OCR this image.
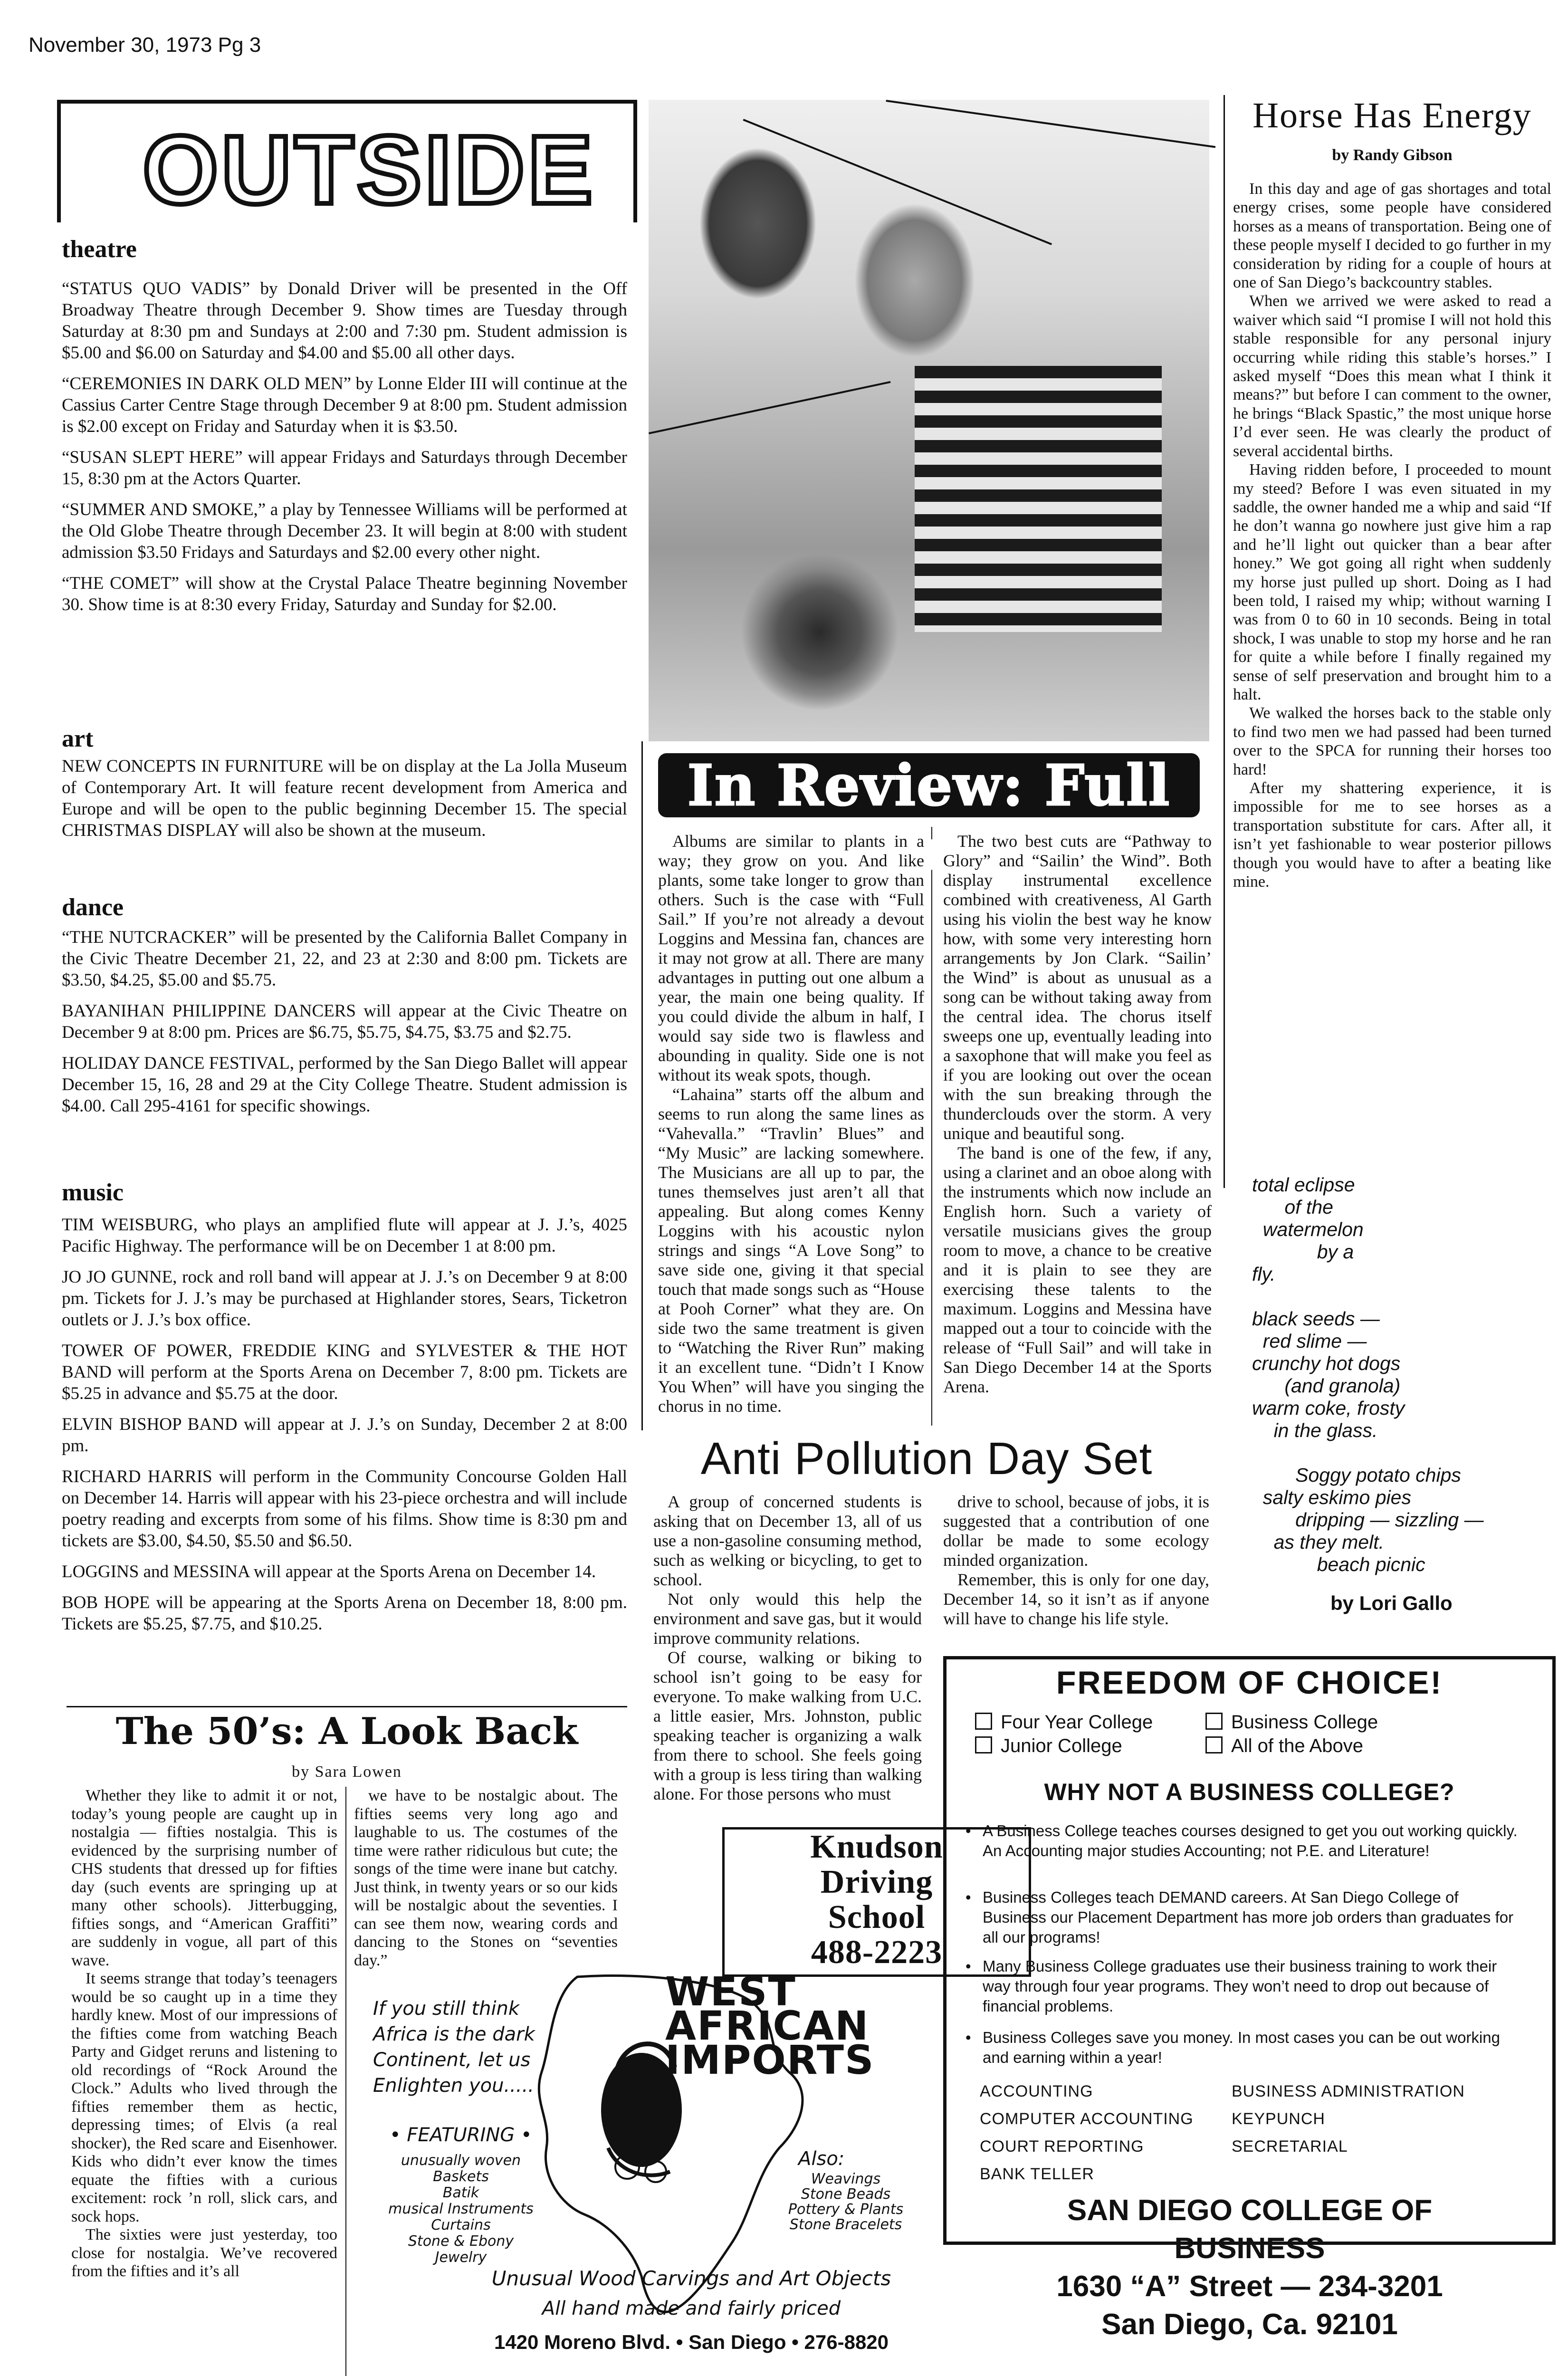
November 30, 1973 Pg 3
OUTSIDE
theatre

“STATUS QUO VADIS” by Donald Driver will be presented in the Off Broadway Theatre through December 9. Show times are Tuesday through Saturday at 8:30 pm and Sundays at 2:00 and 7:30 pm. Student admission is $5.00 and $6.00 on Saturday and $4.00 and $5.00 all other days.

“CEREMONIES IN DARK OLD MEN” by Lonne Elder III will continue at the Cassius Carter Centre Stage through December 9 at 8:00 pm. Student admission is $2.00 except on Friday and Saturday when it is $3.50.

“SUSAN SLEPT HERE” will appear Fridays and Saturdays through December 15, 8:30 pm at the Actors Quarter.

“SUMMER AND SMOKE,” a play by Tennessee Williams will be performed at the Old Globe Theatre through December 23. It will begin at 8:00 with student admission $3.50 Fridays and Saturdays and $2.00 every other night.

“THE COMET” will show at the Crystal Palace Theatre beginning November 30. Show time is at 8:30 every Friday, Saturday and Sunday for $2.00.

art

NEW CONCEPTS IN FURNITURE will be on display at the La Jolla Museum of Contemporary Art. It will feature recent development from America and Europe and will be open to the public beginning December 15. The special CHRISTMAS DISPLAY will also be shown at the museum.

dance

“THE NUTCRACKER” will be presented by the California Ballet Company in the Civic Theatre December 21, 22, and 23 at 2:30 and 8:00 pm. Tickets are $3.50, $4.25, $5.00 and $5.75.

BAYANIHAN PHILIPPINE DANCERS will appear at the Civic Theatre on December 9 at 8:00 pm. Prices are $6.75, $5.75, $4.75, $3.75 and $2.75.

HOLIDAY DANCE FESTIVAL, performed by the San Diego Ballet will appear December 15, 16, 28 and 29 at the City College Theatre. Student admission is $4.00. Call 295-4161 for specific showings.

music

TIM WEISBURG, who plays an amplified flute will appear at J. J.’s, 4025 Pacific Highway. The performance will be on December 1 at 8:00 pm.

JO JO GUNNE, rock and roll band will appear at J. J.’s on December 9 at 8:00 pm. Tickets for J. J.’s may be purchased at Highlander stores, Sears, Ticketron outlets or J. J.’s box office.

TOWER OF POWER, FREDDIE KING and SYLVESTER & THE HOT BAND will perform at the Sports Arena on December 7, 8:00 pm. Tickets are $5.25 in advance and $5.75 at the door.

ELVIN BISHOP BAND will appear at J. J.’s on Sunday, December 2 at 8:00 pm.

RICHARD HARRIS will perform in the Community Concourse Golden Hall on December 14. Harris will appear with his 23-piece orchestra and will include poetry reading and excerpts from some of his films. Show time is 8:30 pm and tickets are $3.00, $4.50, $5.50 and $6.50.

LOGGINS and MESSINA will appear at the Sports Arena on December 14.

BOB HOPE will be appearing at the Sports Arena on December 18, 8:00 pm. Tickets are $5.25, $7.75, and $10.25.

In Review: Full Sail

Albums are similar to plants in a way; they grow on you. And like plants, some take longer to grow than others. Such is the case with “Full Sail.” If you’re not already a devout Loggins and Messina fan, chances are it may not grow at all. There are many advantages in putting out one album a year, the main one being quality. If you could divide the album in half, I would say side two is flawless and abounding in quality. Side one is not without its weak spots, though.

“Lahaina” starts off the album and seems to run along the same lines as “Vahevalla.” “Travlin’ Blues” and “My Music” are lacking somewhere. The Musicians are all up to par, the tunes themselves just aren’t all that appealing. But along comes Kenny Loggins with his acoustic nylon strings and sings “A Love Song” to save side one, giving it that special touch that made songs such as “House at Pooh Corner” what they are. On side two the same treatment is given to “Watching the River Run” making it an excellent tune. “Didn’t I Know You When” will have you singing the chorus in no time.

The two best cuts are “Pathway to Glory” and “Sailin’ the Wind”. Both display instrumental excellence combined with creativeness, Al Garth using his violin the best way he know how, with some very interesting horn arrangements by Jon Clark. “Sailin’ the Wind” is about as unusual as a song can be without taking away from the central idea. The chorus itself sweeps one up, eventually leading into a saxophone that will make you feel as if you are looking out over the ocean with the sun breaking through the thunderclouds over the storm. A very unique and beautiful song.

The band is one of the few, if any, using a clarinet and an oboe along with the instruments which now include an English horn. Such a variety of versatile musicians gives the group room to move, a chance to be creative and it is plain to see they are exercising these talents to the maximum. Loggins and Messina have mapped out a tour to coincide with the release of “Full Sail” and will take in San Diego December 14 at the Sports Arena.

Horse Has Energy
by Randy Gibson

In this day and age of gas shortages and total energy crises, some people have considered horses as a means of transportation. Being one of these people myself I decided to go further in my consideration by riding for a couple of hours at one of San Diego’s backcountry stables.

When we arrived we were asked to read a waiver which said “I promise I will not hold this stable responsible for any personal injury occurring while riding this stable’s horses.” I asked myself “Does this mean what I think it means?” but before I can comment to the owner, he brings “Black Spastic,” the most unique horse I’d ever seen. He was clearly the product of several accidental births.

Having ridden before, I proceeded to mount my steed? Before I was even situated in my saddle, the owner handed me a whip and said “If he don’t wanna go nowhere just give him a rap and he’ll light out quicker than a bear after honey.” We got going all right when suddenly my horse just pulled up short. Doing as I had been told, I raised my whip; without warning I was from 0 to 60 in 10 seconds. Being in total shock, I was unable to stop my horse and he ran for quite a while before I finally regained my sense of self preservation and brought him to a halt.

We walked the horses back to the stable only to find two men we had passed had been turned over to the SPCA for running their horses too hard!

After my shattering experience, it is impossible for me to see horses as a transportation substitute for cars. After all, it isn’t yet fashionable to wear posterior pillows though you would have to after a beating like mine.

total eclipse
of the
watermelon
by a
fly.

black seeds —
red slime —
crunchy hot dogs
(and granola)
warm coke, frosty
in the glass.

Soggy potato chips
salty eskimo pies
dripping — sizzling —
as they melt.
beach picnic
by Lori Gallo
Anti Pollution Day Set

A group of concerned students is asking that on December 13, all of us use a non-gasoline consuming method, such as welking or bicycling, to get to school.

Not only would this help the environment and save gas, but it would improve community relations.

Of course, walking or biking to school isn’t going to be easy for everyone. To make walking from U.C. a little easier, Mrs. Johnston, public speaking teacher is organizing a walk from there to school. She feels going with a group is less tiring than walking alone. For those persons who must

drive to school, because of jobs, it is suggested that a contribution of one dollar be made to some ecology minded organization.

Remember, this is only for one day, December 14, so it isn’t as if anyone will have to change his life style.

The 50’s: A Look Back
by Sara Lowen

Whether they like to admit it or not, today’s young people are caught up in nostalgia — fifties nostalgia. This is evidenced by the surprising number of CHS students that dressed up for fifties day (such events are springing up at many other schools). Jitterbugging, fifties songs, and “American Graffiti” are suddenly in vogue, all part of this wave.

It seems strange that today’s teenagers would be so caught up in a time they hardly knew. Most of our impressions of the fifties come from watching Beach Party and Gidget reruns and listening to old recordings of “Rock Around the Clock.” Adults who lived through the fifties remember them as hectic, depressing times; of Elvis (a real shocker), the Red scare and Eisenhower. Kids who didn’t ever know the times equate the fifties with a curious excitement: rock ’n roll, slick cars, and sock hops.

The sixties were just yesterday, too close for nostalgia. We’ve recovered from the fifties and it’s all

we have to be nostalgic about. The fifties seems very long ago and laughable to us. The costumes of the time were rather ridiculous but cute; the songs of the time were inane but catchy. Just think, in twenty years or so our kids will be nostalgic about the seventies. I can see them now, wearing cords and dancing to the Stones on “seventies day.”

Knudson
Driving
School
488-2223
WEST
AFRICAN
IMPORTS
If you still think
Africa is the dark
Continent, let us
Enlighten you.....
• FEATURING •
unusually woven Baskets
Batik
musical Instruments
Curtains
Stone & Ebony Jewelry
Also:
Weavings
Stone Beads
Pottery & Plants
Stone Bracelets
Unusual Wood Carvings and Art Objects
All hand made and fairly priced
1420 Moreno Blvd. • San Diego • 276-8820
FREEDOM OF CHOICE!
Four Year College	Business College
Junior College	All of the Above
WHY NOT A BUSINESS COLLEGE?
• A Business College teaches courses designed to get you out working quickly. An Accounting major studies Accounting; not P.E. and Literature!
• Business Colleges teach DEMAND careers. At San Diego College of Business our Placement Department has more job orders than graduates for all our programs!
• Many Business College graduates use their business training to work their way through four year programs. They won’t need to drop out because of financial problems.
• Business Colleges save you money. In most cases you can be out working and earning within a year!
ACCOUNTING
COMPUTER ACCOUNTING
COURT REPORTING
BANK TELLER
BUSINESS ADMINISTRATION
KEYPUNCH
SECRETARIAL
SAN DIEGO COLLEGE OF
BUSINESS
1630 “A” Street — 234-3201
San Diego, Ca. 92101
